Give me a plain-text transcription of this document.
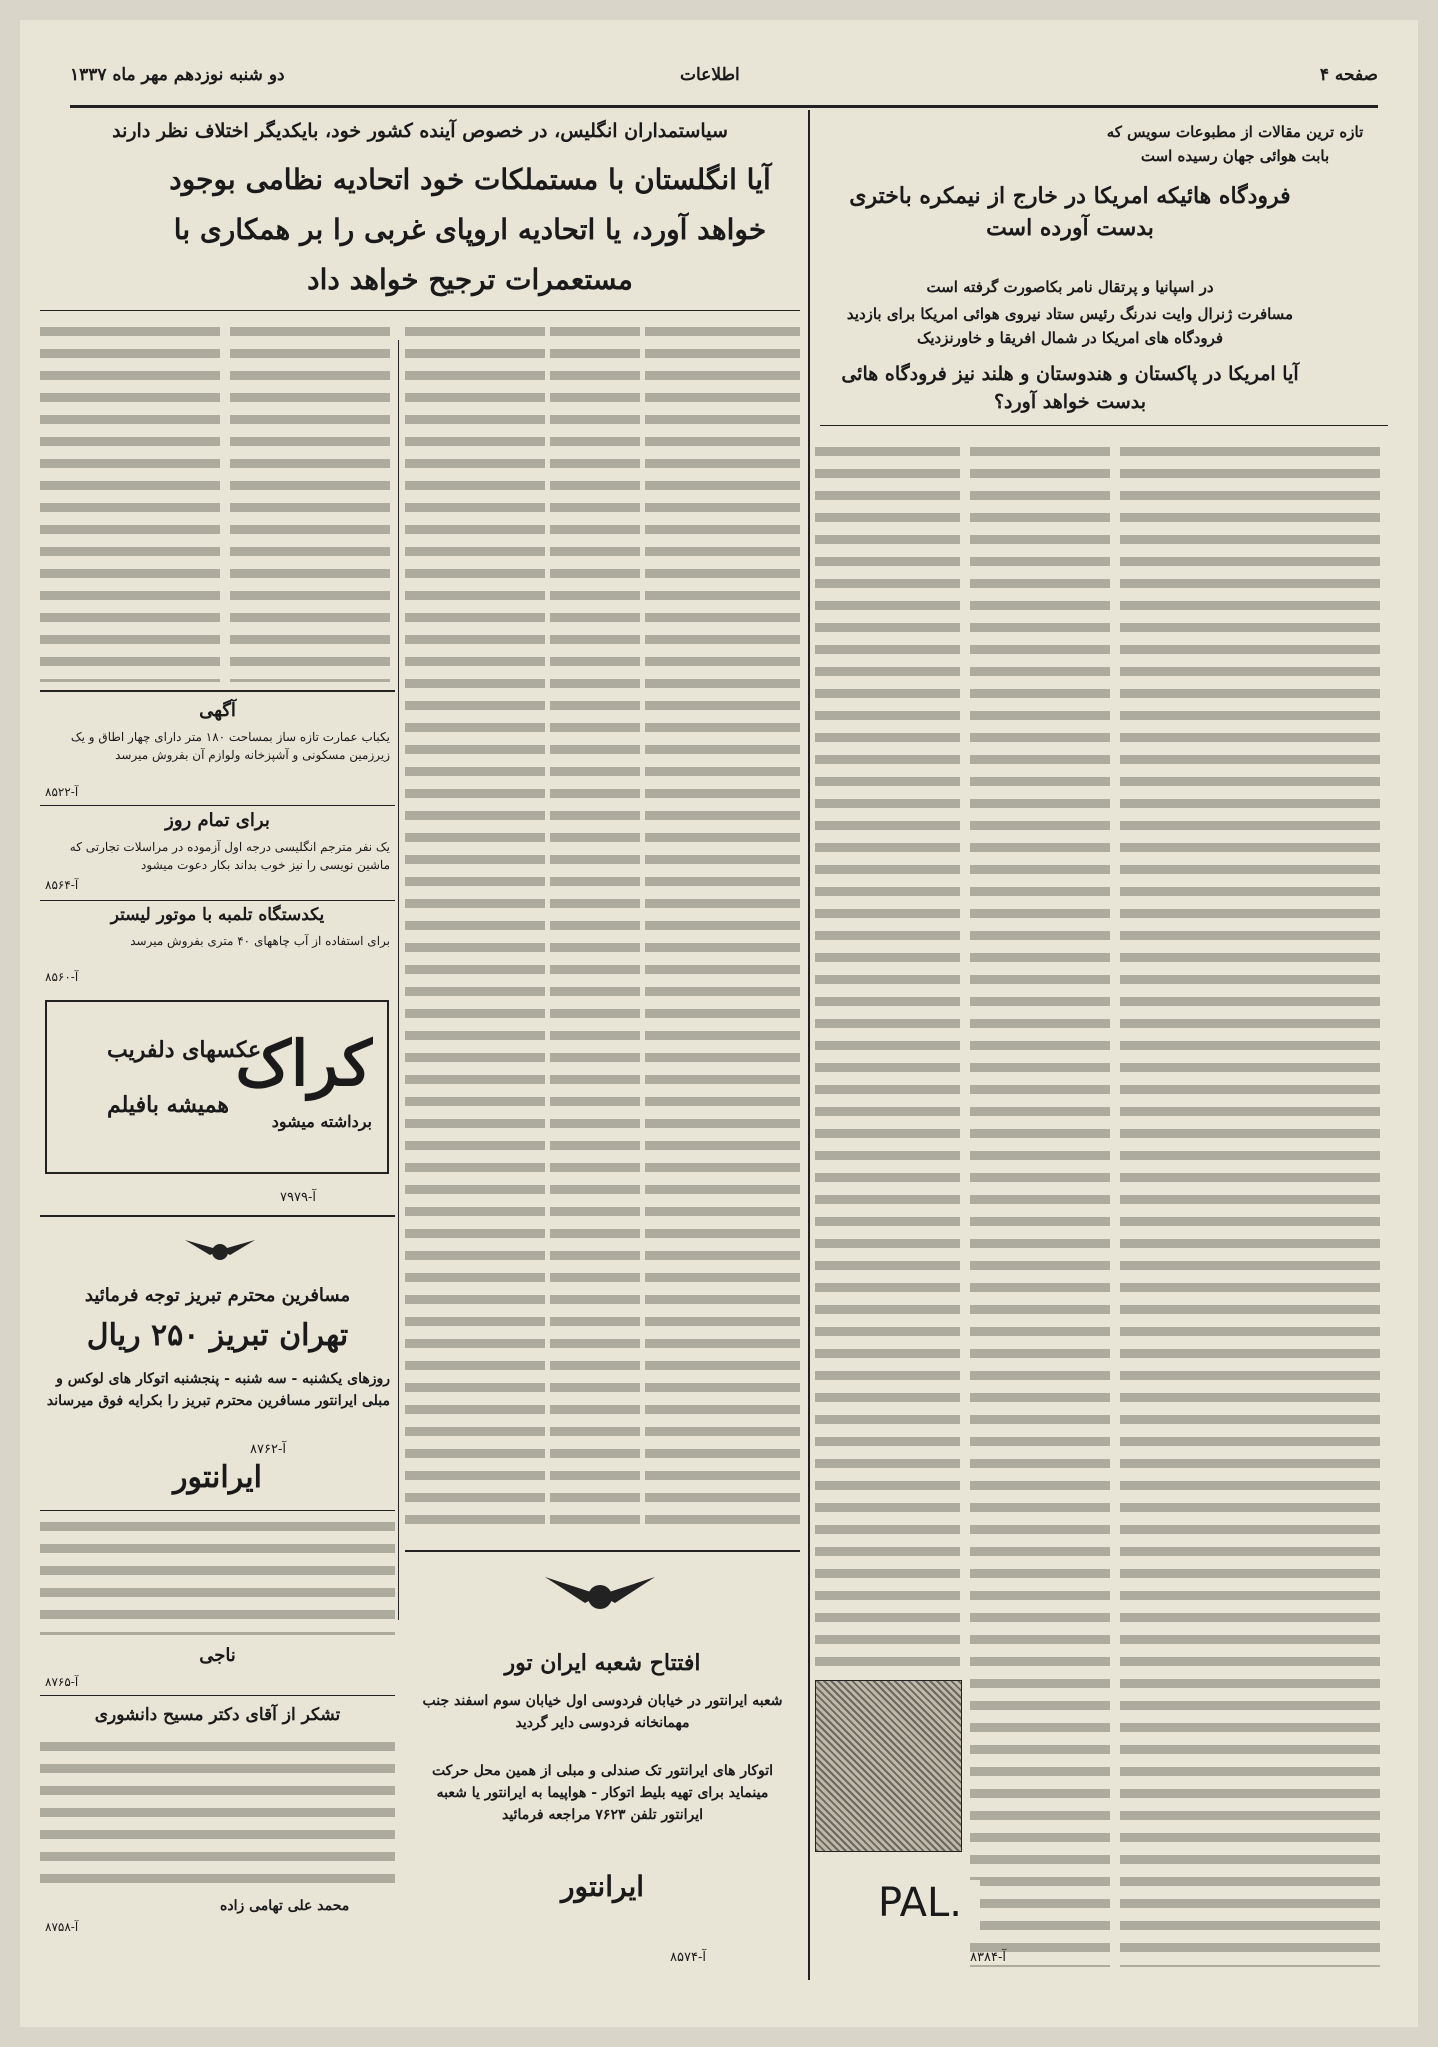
دو شنبه نوزدهم مهر ماه ۱۳۳۷	اطلاعات	صفحه ۴
تازه ترین مقالات از مطبوعات سویس که بابت هوائی جهان رسیده است
فرودگاه هائیکه امریکا در خارج از نیمکره باختری بدست آورده است
در اسپانیا و پرتقال نامر بکاصورت گرفته است
مسافرت ژنرال وایت ندرنگ رئیس ستاد نیروی هوائی امریکا برای بازدید فرودگاه های امریکا در شمال افریقا و خاورنزدیک
آیا امریکا در پاکستان و هندوستان و هلند نیز فرودگاه هائی بدست خواهد آورد؟
PAL.
آ-۸۳۸۴
سیاستمداران انگلیس، در خصوص آینده کشور خود، بایکدیگر اختلاف نظر دارند
آیا انگلستان با مستملکات خود اتحادیه نظامی بوجود خواهد آورد، یا اتحادیه اروپای غربی را بر همکاری با مستعمرات ترجیح خواهد داد
آگهی
یکباب عمارت تازه ساز بمساحت ۱۸۰ متر دارای چهار اطاق و یک زیرزمین مسکونی و آشپزخانه ولوازم آن بفروش میرسد
آ-۸۵۲۲
برای تمام روز
یک نفر مترجم انگلیسی درجه اول آزموده در مراسلات تجارتی که ماشین نویسی را نیز خوب بداند بکار دعوت میشود
آ-۸۵۶۴
یکدستگاه تلمبه با موتور لیستر
برای استفاده از آب چاههای ۴۰ متری بفروش میرسد
آ-۸۵۶۰
کراک
عکسهای دلفریب
همیشه بافیلم
برداشته میشود
آ-۷۹۷۹
مسافرین محترم تبریز توجه فرمائید
تهران تبریز ۲۵۰ ریال
روزهای یکشنبه - سه شنبه - پنجشنبه اتوکار های لوکس و مبلی ایرانتور مسافرین محترم تبریز را بکرایه فوق میرساند
ایرانتور
آ-۸۷۶۲
ناجی
آ-۸۷۶۵
تشکر از آقای دکتر مسیح دانشوری
محمد علی تهامی زاده
آ-۸۷۵۸
افتتاح شعبه ایران تور
شعبه ایرانتور در خیابان فردوسی اول خیابان سوم اسفند جنب مهمانخانه فردوسی دایر گردید
اتوکار های ایرانتور تک صندلی و مبلی از همین محل حرکت مینماید برای تهیه بلیط اتوکار - هواپیما به ایرانتور یا شعبه ایرانتور تلفن ۷۶۲۳ مراجعه فرمائید
ایرانتور
آ-۸۵۷۴
